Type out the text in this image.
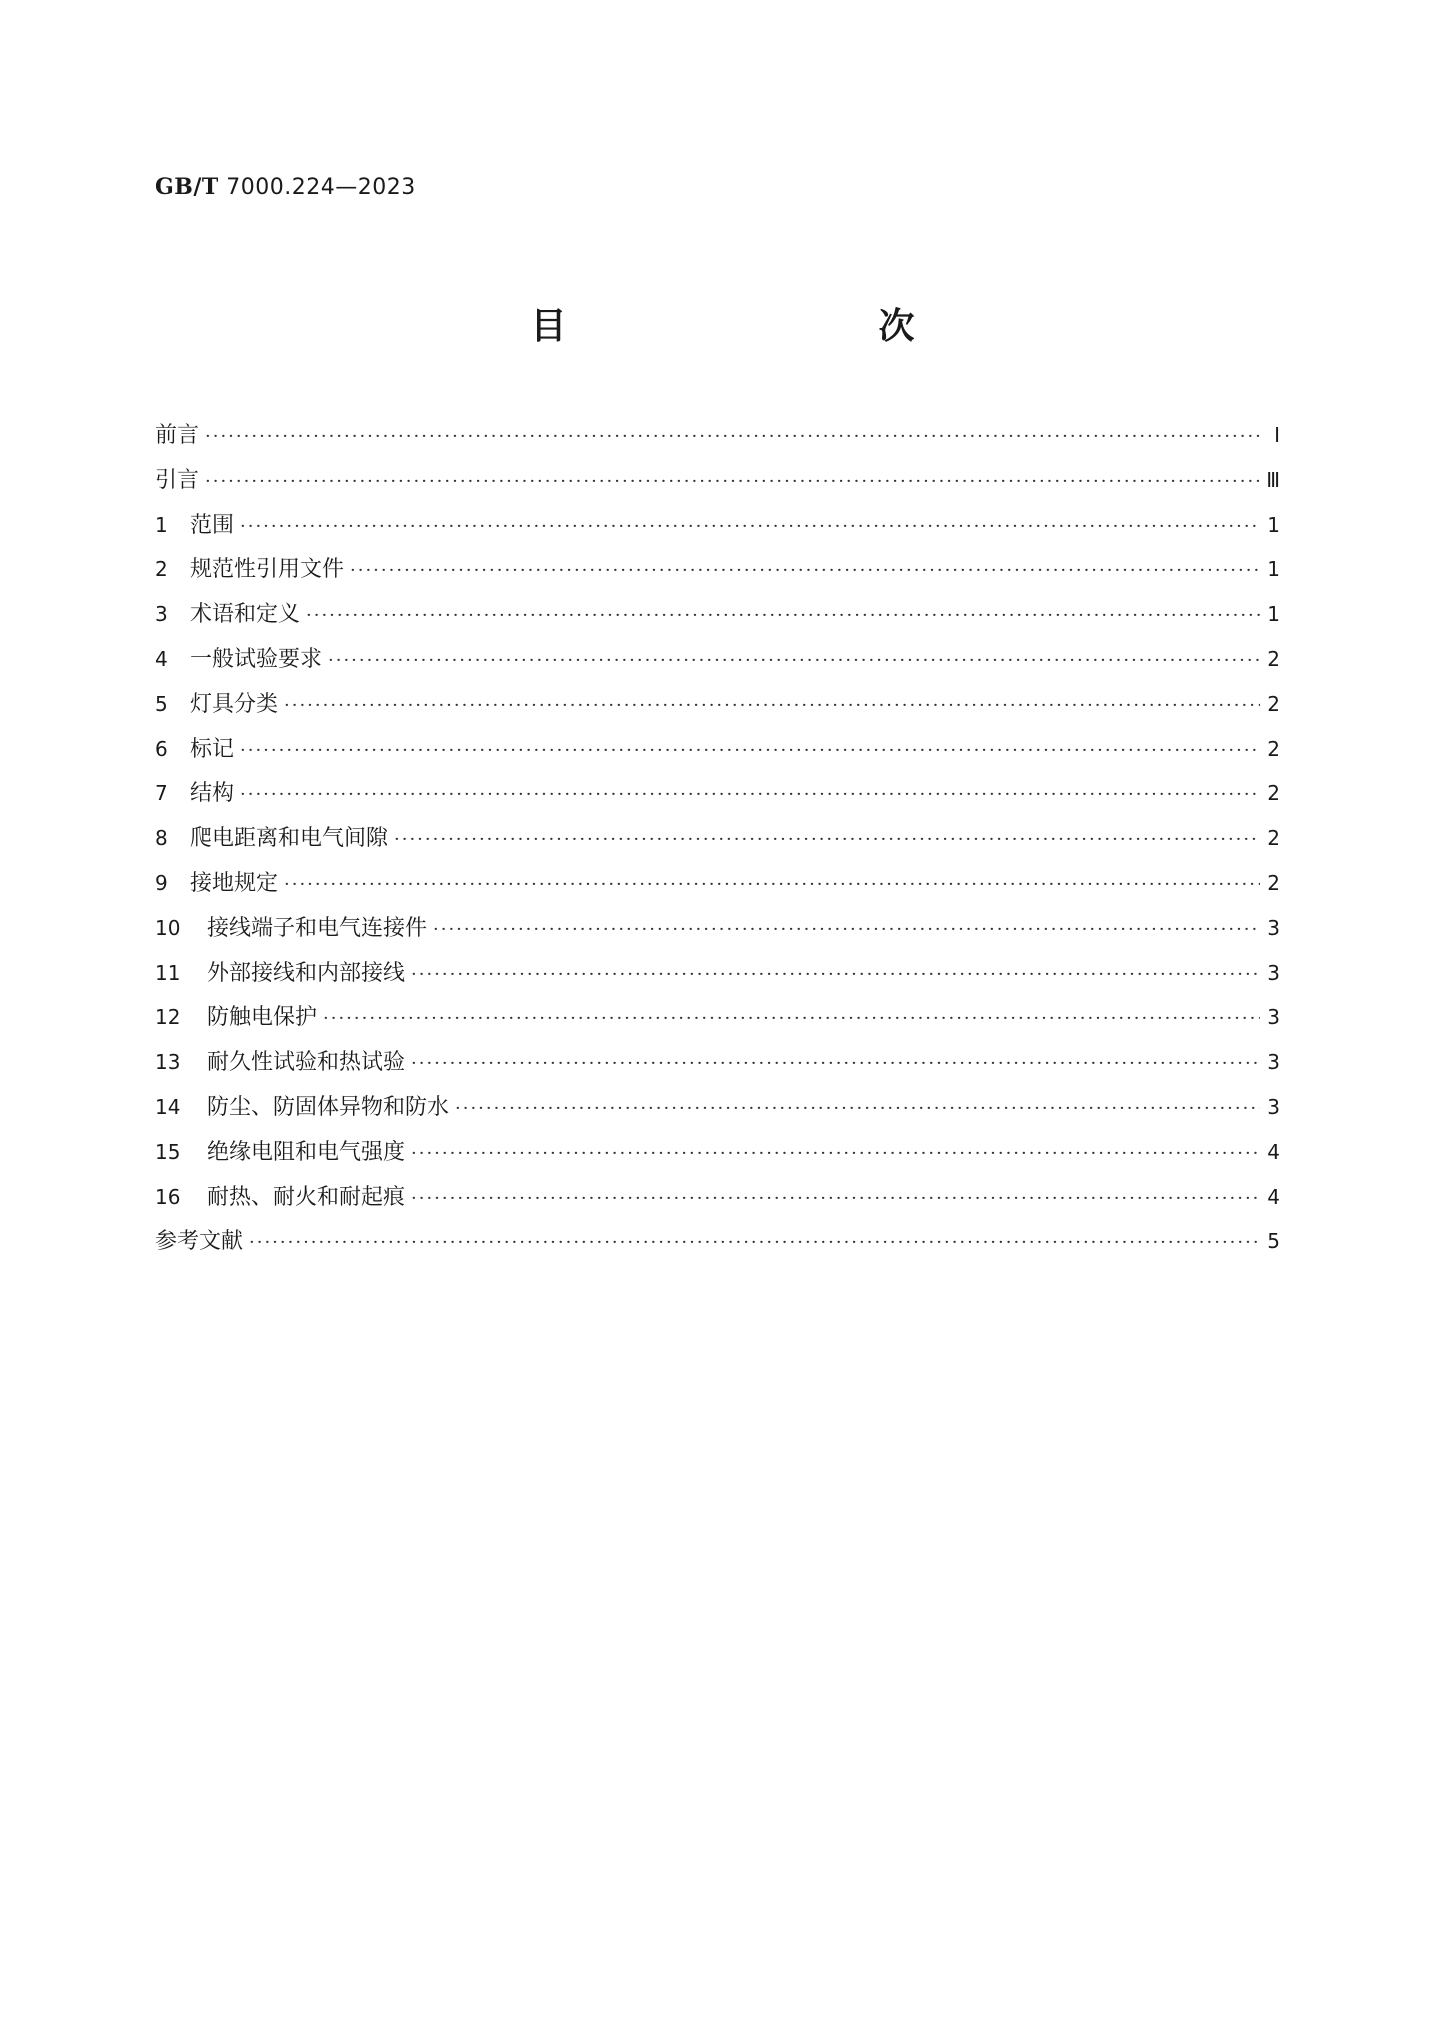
GB/T 7000.224—2023
目　　次
前言 ·····	Ⅰ
引言 ·····	Ⅲ
1 范围 ·····	1
2 规范性引用文件 ·····	1
3 术语和定义 ·····	1
4 一般试验要求 ·····	2
5 灯具分类 ·····	2
6 标记 ·····	2
7 结构 ·····	2
8 爬电距离和电气间隙 ·····	2
9 接地规定 ·····	2
10 接线端子和电气连接件 ·····	3
11 外部接线和内部接线 ·····	3
12 防触电保护 ·····	3
13 耐久性试验和热试验 ·····	3
14 防尘、防固体异物和防水 ·····	3
15 绝缘电阻和电气强度 ·····	4
16 耐热、耐火和耐起痕 ·····	4
参考文献 ·····	5
